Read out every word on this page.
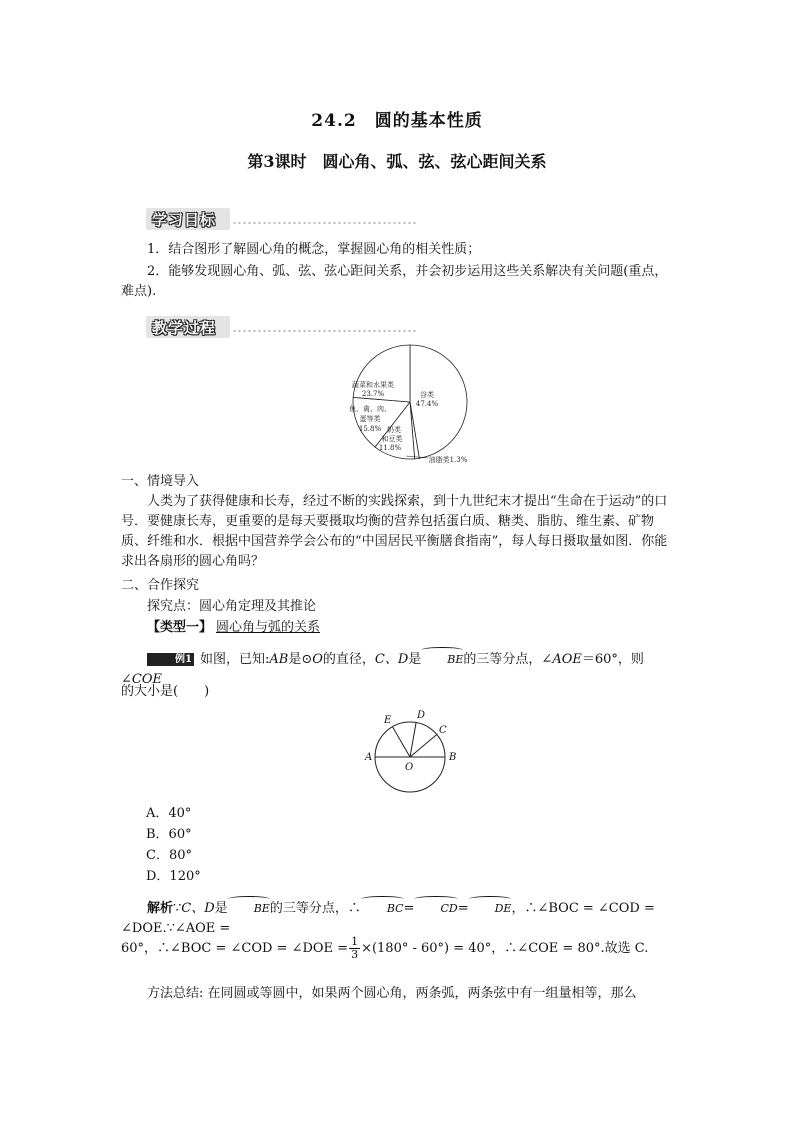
24.2　圆的基本性质
第3课时　圆心角、弧、弦、弦心距间关系
学习目标
1．结合图形了解圆心角的概念，掌握圆心角的相关性质；
2．能够发现圆心角、弧、弦、弦心距间关系，并会初步运用这些关系解决有关问题(重点，难点).
教学过程
谷类
47.4%
蔬菜和水果类
23.7%
鱼、禽、肉、
蛋等类
15.8% 奶类
和豆类
11.8%
油脂类1.3%
一、情境导入
人类为了获得健康和长寿，经过不断的实践探索，到十九世纪末才提出“生命在于运动”的口号．要健康长寿，更重要的是每天要摄取均衡的营养包括蛋白质、糖类、脂肪、维生素、矿物质、纤维和水．根据中国营养学会公布的“中国居民平衡膳食指南”，每人每日摄取量如图．你能求出各扇形的圆心角吗？
二、合作探究
探究点：圆心角定理及其推论
【类型一】 圆心角与弧的关系
例1 如图，已知:AB是⊙O的直径，C、D是 BE的三等分点，∠AOE＝60°，则∠COE
的大小是(　　)
A	B
C
D
E
O
A．40°
B．60°
C．80°
D．120°
解析∵C、D是 BE的三等分点，∴ BC= CD= DE，∴∠BOC = ∠COD = ∠DOE.∵∠AOE =
60°，∴∠BOC = ∠COD = ∠DOE = $\frac{1}{3} \times(180^\circ - 60^\circ) = 40^\circ$，∴∠COE = 80°.故选 C.
方法总结: 在同圆或等圆中，如果两个圆心角，两条弧，两条弦中有一组量相等，那么
